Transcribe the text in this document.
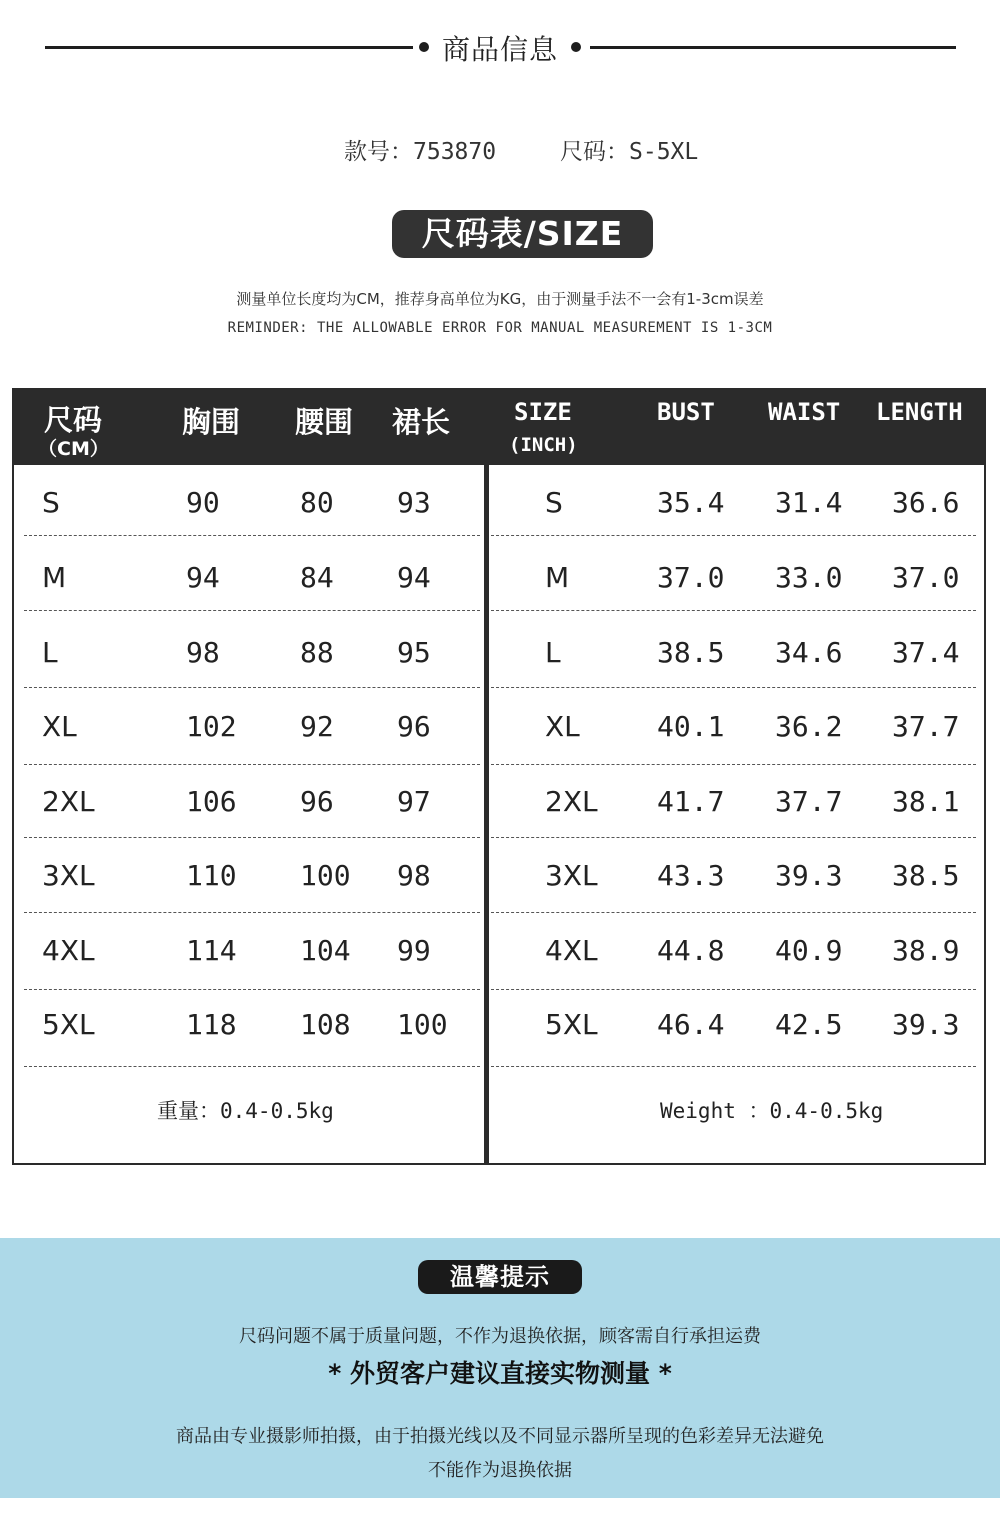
商品信息
款号：753870	尺码：S-5XL
尺码表/SIZE
测量单位长度均为CM，推荐身高单位为KG，由于测量手法不一会有1-3cm误差
REMINDER: THE ALLOWABLE ERROR FOR MANUAL MEASUREMENT IS 1-3CM
尺码
（CM）
胸围 腰围 裙长	SIZE
(INCH)
BUST WAIST LENGTH
S	90	80 93
M	94	84 94
L	98	88 95
XL	102 92 96
2XL	106 96 97
3XL	110 100 98
4XL	114 104 99
5XL	118 108 100
S	35.4 31.4 36.6
M	37.0 33.0 37.0
L	38.5 34.6 37.4
XL	40.1 36.2 37.7
2XL 41.7 37.7 38.1
3XL 43.3 39.3 38.5
4XL 44.8 40.9 38.9
5XL 46.4 42.5 39.3
重量：0.4-0.5kg	Weight ：0.4-0.5kg
温馨提示
尺码问题不属于质量问题，不作为退换依据，顾客需自行承担运费
* 外贸客户建议直接实物测量 *
商品由专业摄影师拍摄，由于拍摄光线以及不同显示器所呈现的色彩差异无法避免
不能作为退换依据
